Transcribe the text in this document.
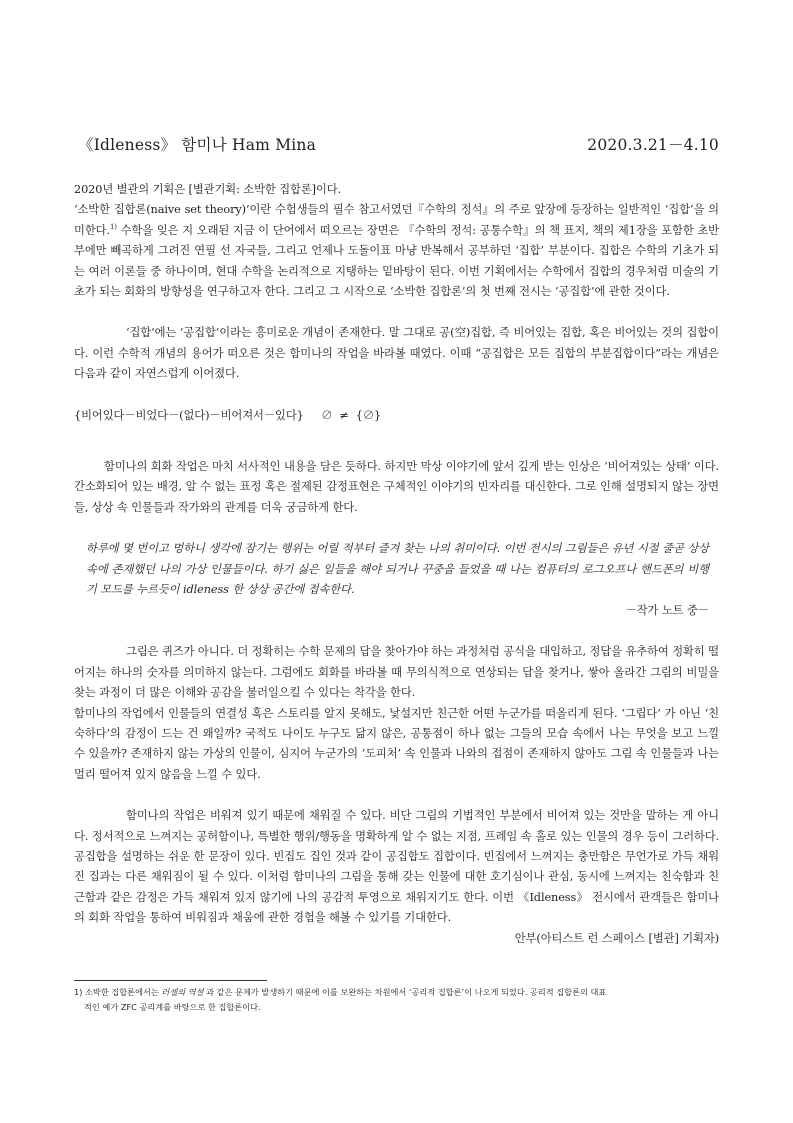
《Idleness》 함미나 Ham Mina	2020.3.21－4.10

2020년 별관의 기획은 [별관기획: 소박한 집합론]이다.

‘소박한 집합론(naive set theory)’이란 수험생들의 필수 참고서였던『수학의 정석』의 주로 앞장에 등장하는 일반적인 ‘집합’을 의미한다.$^{1)}$ 수학을 잊은 지 오래된 지금 이 단어에서 떠오르는 장면은 『수학의 정석: 공통수학』의 책 표지, 책의 제1장을 포함한 초반부에만 빼곡하게 그려진 연필 선 자국들, 그리고 언제나 도돌이표 마냥 반복해서 공부하던 ‘집합’ 부분이다. 집합은 수학의 기초가 되는 여러 이론들 중 하나이며, 현대 수학을 논리적으로 지탱하는 밑바탕이 된다. 이번 기획에서는 수학에서 집합의 경우처럼 미술의 기초가 되는 회화의 방향성을 연구하고자 한다. 그리고 그 시작으로 ‘소박한 집합론’의 첫 번째 전시는 ‘공집합’에 관한 것이다.

‘집합’에는 ‘공집합’이라는 흥미로운 개념이 존재한다. 말 그대로 공(空)집합, 즉 비어있는 집합, 혹은 비어있는 것의 집합이다. 이런 수학적 개념의 용어가 떠오른 것은 함미나의 작업을 바라볼 때였다. 이때 “공집합은 모든 집합의 부분집합이다”라는 개념은 다음과 같이 자연스럽게 이어졌다.

{비어있다－비었다－(없다)－비어져서－있다}     ∅  ≠  {∅}

함미나의 회화 작업은 마치 서사적인 내용을 담은 듯하다. 하지만 막상 이야기에 앞서 깊게 받는 인상은 ‘비어져있는 상태’ 이다. 간소화되어 있는 배경, 알 수 없는 표정 혹은 절제된 감정표현은 구체적인 이야기의 빈자리를 대신한다. 그로 인해 설명되지 않는 장면들, 상상 속 인물들과 작가와의 관계를 더욱 궁금하게 한다.

하루에 몇 번이고 멍하니 생각에 잠기는 행위는 어릴 적부터 즐겨 찾는 나의 취미이다. 이번 전시의 그림들은 유년 시절 줄곧 상상 속에 존재했던 나의 가상 인물들이다. 하기 싫은 일들을 해야 되거나 꾸중을 들었을 때 나는 컴퓨터의 로그오프나 핸드폰의 비행기 모드를 누르듯이 idleness 한 상상 공간에 접속한다.

－작가 노트 중－

그림은 퀴즈가 아니다. 더 정확히는 수학 문제의 답을 찾아가야 하는 과정처럼 공식을 대입하고, 정답을 유추하여 정확히 떨어지는 하나의 숫자를 의미하지 않는다. 그럼에도 회화를 바라볼 때 무의식적으로 연상되는 답을 찾거나, 쌓아 올라간 그림의 비밀을 찾는 과정이 더 많은 이해와 공감을 불러일으킬 수 있다는 착각을 한다.

함미나의 작업에서 인물들의 연결성 혹은 스토리를 알지 못해도, 낯설지만 친근한 어떤 누군가를 떠올리게 된다. ‘그립다’ 가 아닌 ‘친숙하다’의 감정이 드는 건 왜일까? 국적도 나이도 누구도 닮지 않은, 공통점이 하나 없는 그들의 모습 속에서 나는 무엇을 보고 느낄 수 있을까? 존재하지 않는 가상의 인물이, 심지어 누군가의 ‘도피처’ 속 인물과 나와의 접점이 존재하지 않아도 그림 속 인물들과 나는 멀리 떨어져 있지 않음을 느낄 수 있다.

함미나의 작업은 비워져 있기 때문에 채워질 수 있다. 비단 그림의 기법적인 부분에서 비어져 있는 것만을 말하는 게 아니다. 정서적으로 느껴지는 공허함이나, 특별한 행위/행동을 명확하게 알 수 없는 지점, 프레임 속 홀로 있는 인물의 경우 등이 그러하다. 공집합을 설명하는 쉬운 한 문장이 있다. 빈집도 집인 것과 같이 공집합도 집합이다. 빈집에서 느껴지는 충만함은 무언가로 가득 채워진 집과는 다른 채워짐이 될 수 있다. 이처럼 함미나의 그림을 통해 갖는 인물에 대한 호기심이나 관심, 동시에 느껴지는 친숙함과 친근함과 같은 감정은 가득 채워져 있지 않기에 나의 공감적 투영으로 채워지기도 한다. 이번 《Idleness》 전시에서 관객들은 함미나의 회화 작업을 통하여 비워짐과 채움에 관한 경험을 해볼 수 있기를 기대한다.

안부(아티스트 런 스페이스 [별관] 기획자)

1) 소박한 집합론에서는 러셀의 역설 과 같은 문제가 발생하기 때문에 이를 보완하는 차원에서 ‘공리적 집합론’이 나오게 되었다. 공리적 집합론의 대표
적인 예가 ZFC 공리계를 바탕으로 한 집합론이다.
